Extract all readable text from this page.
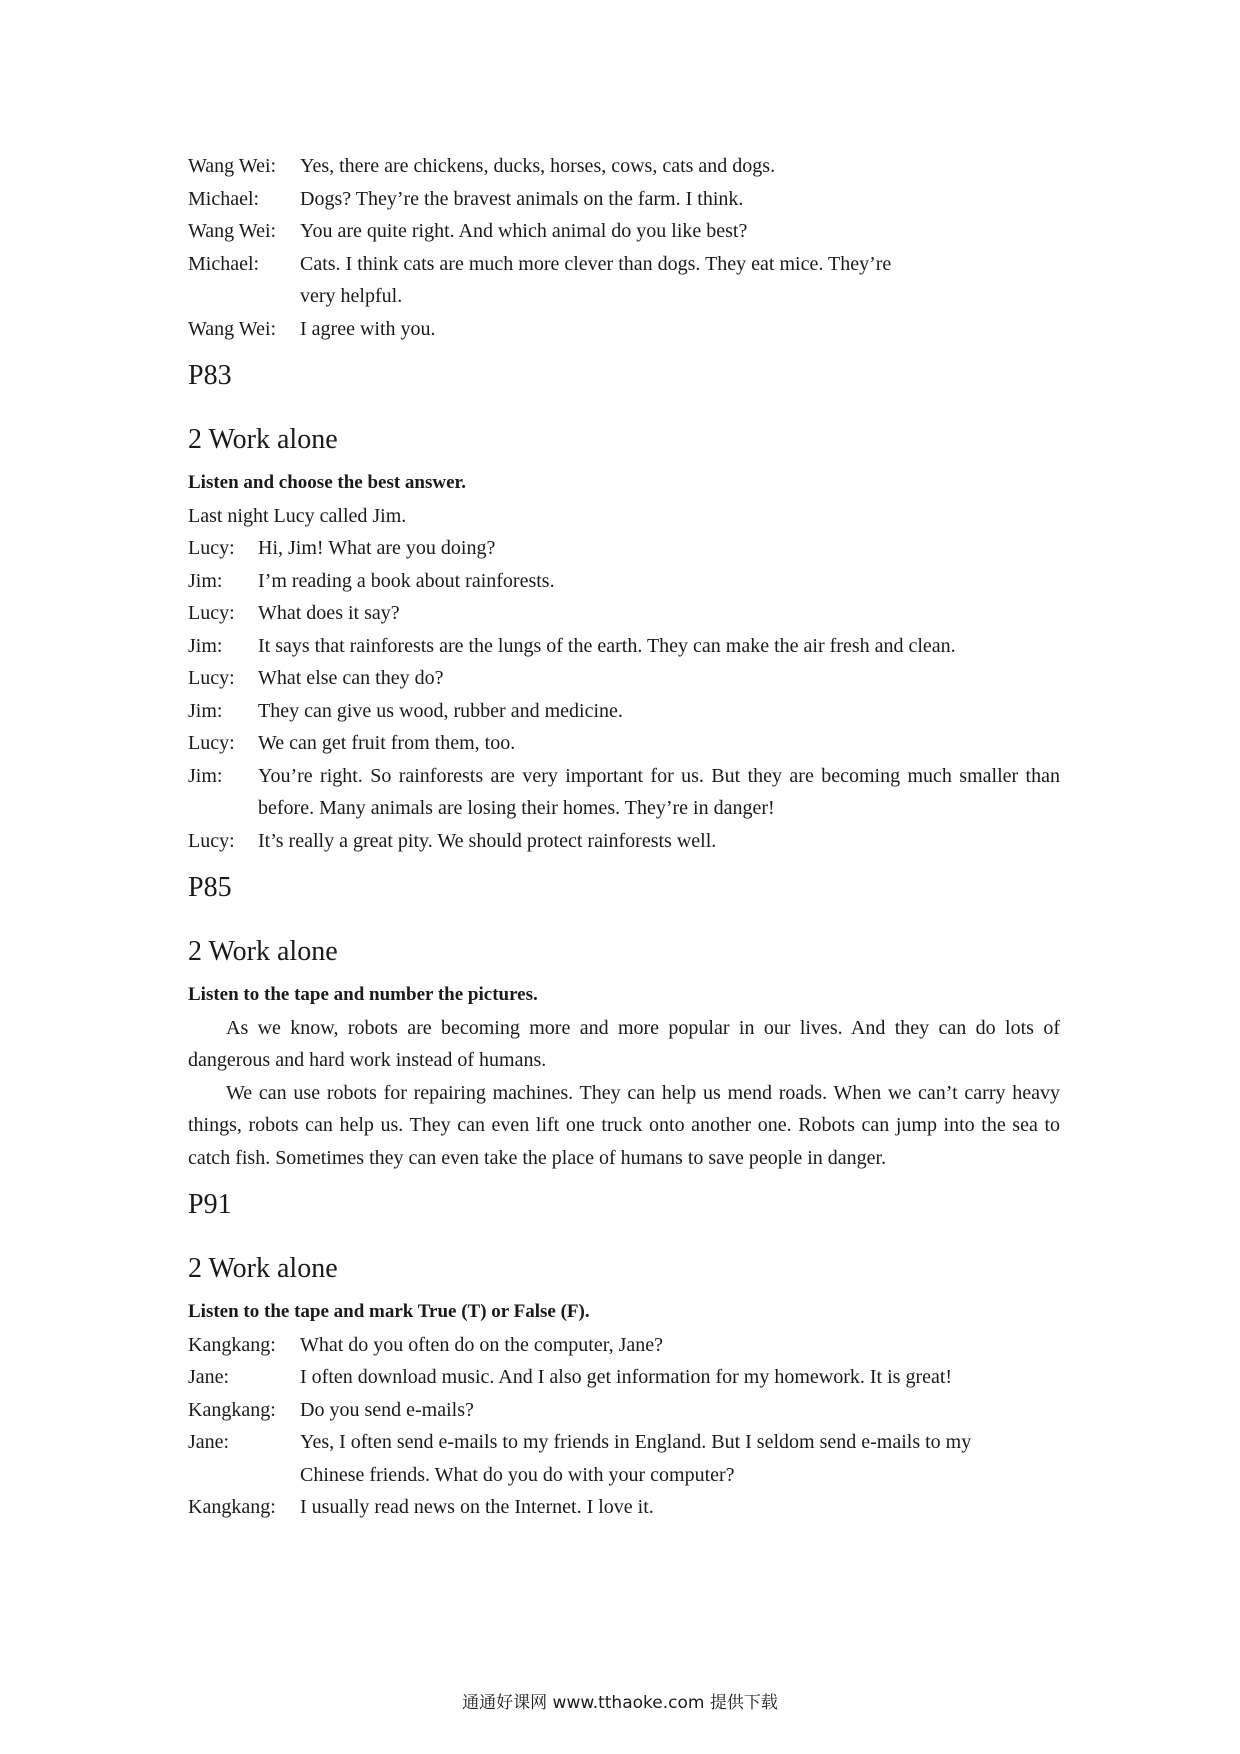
Wang Wei:	Yes, there are chickens, ducks, horses, cows, cats and dogs.
Michael:	Dogs? They’re the bravest animals on the farm. I think.
Wang Wei:	You are quite right. And which animal do you like best?
Michael:	Cats. I think cats are much more clever than dogs. They eat mice. They’re very helpful.
Wang Wei:	I agree with you.
P83
2 Work alone
Listen and choose the best answer.
Last night Lucy called Jim.
Lucy:	Hi, Jim! What are you doing?
Jim:	I’m reading a book about rainforests.
Lucy:	What does it say?
Jim:	It says that rainforests are the lungs of the earth. They can make the air fresh and clean.
Lucy:	What else can they do?
Jim:	They can give us wood, rubber and medicine.
Lucy:	We can get fruit from them, too.
Jim:	You’re right. So rainforests are very important for us. But they are becoming much smaller than before. Many animals are losing their homes. They’re in danger!
Lucy:	It’s really a great pity. We should protect rainforests well.
P85
2 Work alone
Listen to the tape and number the pictures.
As we know, robots are becoming more and more popular in our lives. And they can do lots of dangerous and hard work instead of humans.
We can use robots for repairing machines. They can help us mend roads. When we can’t carry heavy things, robots can help us. They can even lift one truck onto another one. Robots can jump into the sea to catch fish. Sometimes they can even take the place of humans to save people in danger.
P91
2 Work alone
Listen to the tape and mark True (T) or False (F).
Kangkang:	What do you often do on the computer, Jane?
Jane:	I often download music. And I also get information for my homework. It is great!
Kangkang:	Do you send e-mails?
Jane:	Yes, I often send e-mails to my friends in England. But I seldom send e-mails to my Chinese friends. What do you do with your computer?
Kangkang:	I usually read news on the Internet. I love it.
通通好课网 www.tthaoke.com 提供下载
